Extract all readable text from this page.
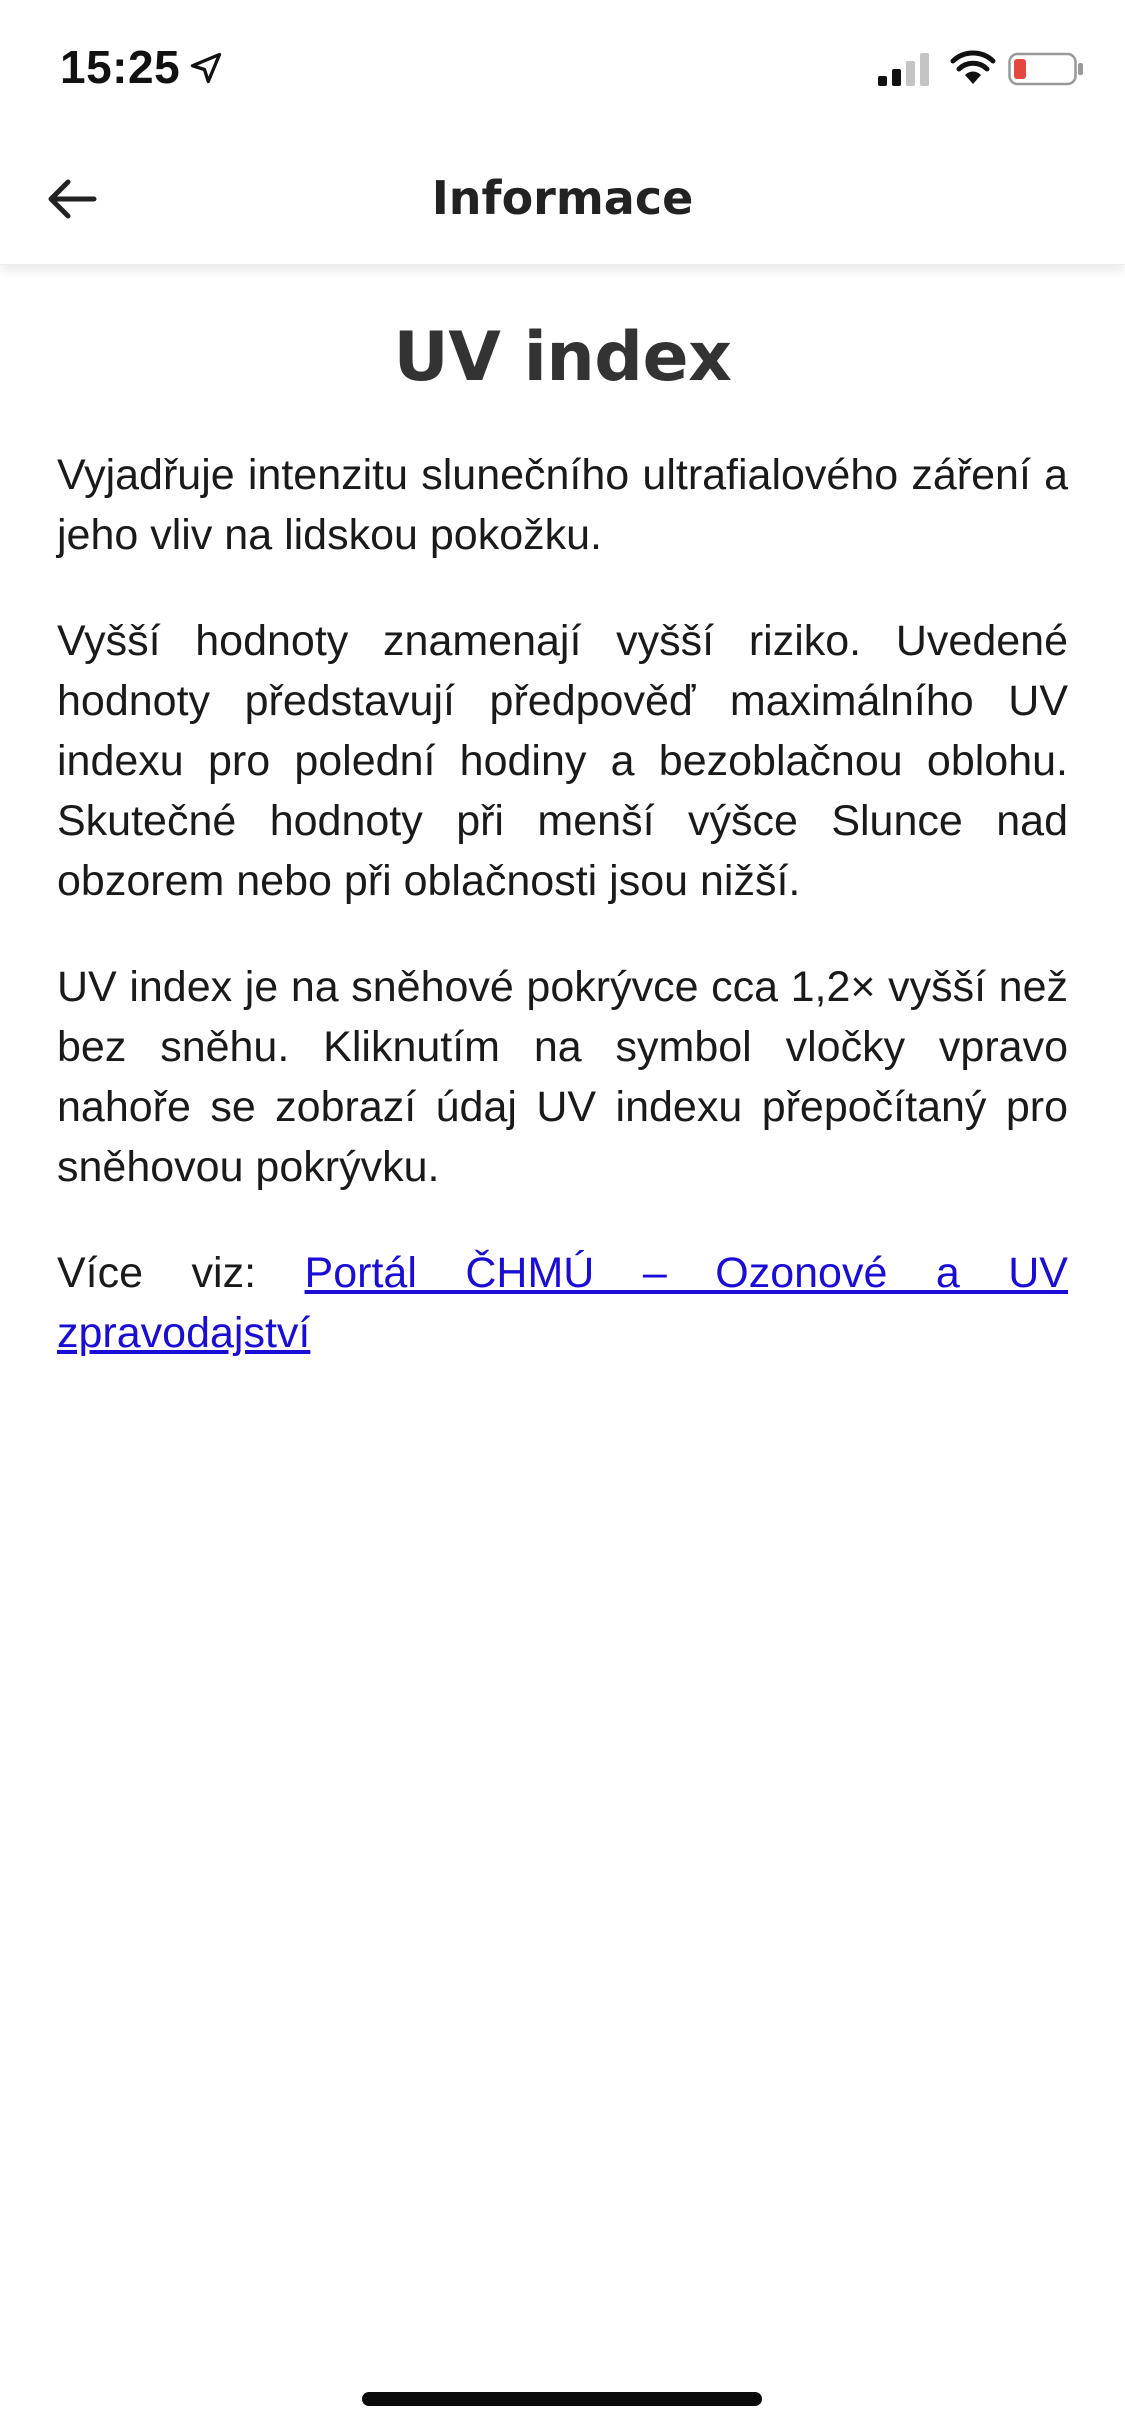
15:25
Informace
UV index

Vyjadřuje intenzitu slunečního ultrafialového záření a jeho vliv na lidskou pokožku.

Vyšší hodnoty znamenají vyšší riziko. Uvedené hodnoty představují předpověď maximálního UV indexu pro polední hodiny a bezoblačnou oblohu. Skutečné hodnoty při menší výšce Slunce nad obzorem nebo při oblačnosti jsou nižší.

UV index je na sněhové pokrývce cca 1,2× vyšší než bez sněhu. Kliknutím na symbol vločky vpravo nahoře se zobrazí údaj UV indexu přepočítaný pro sněhovou pokrývku.

Více viz: Portál ČHMÚ – Ozonové a UV zpravodajství
